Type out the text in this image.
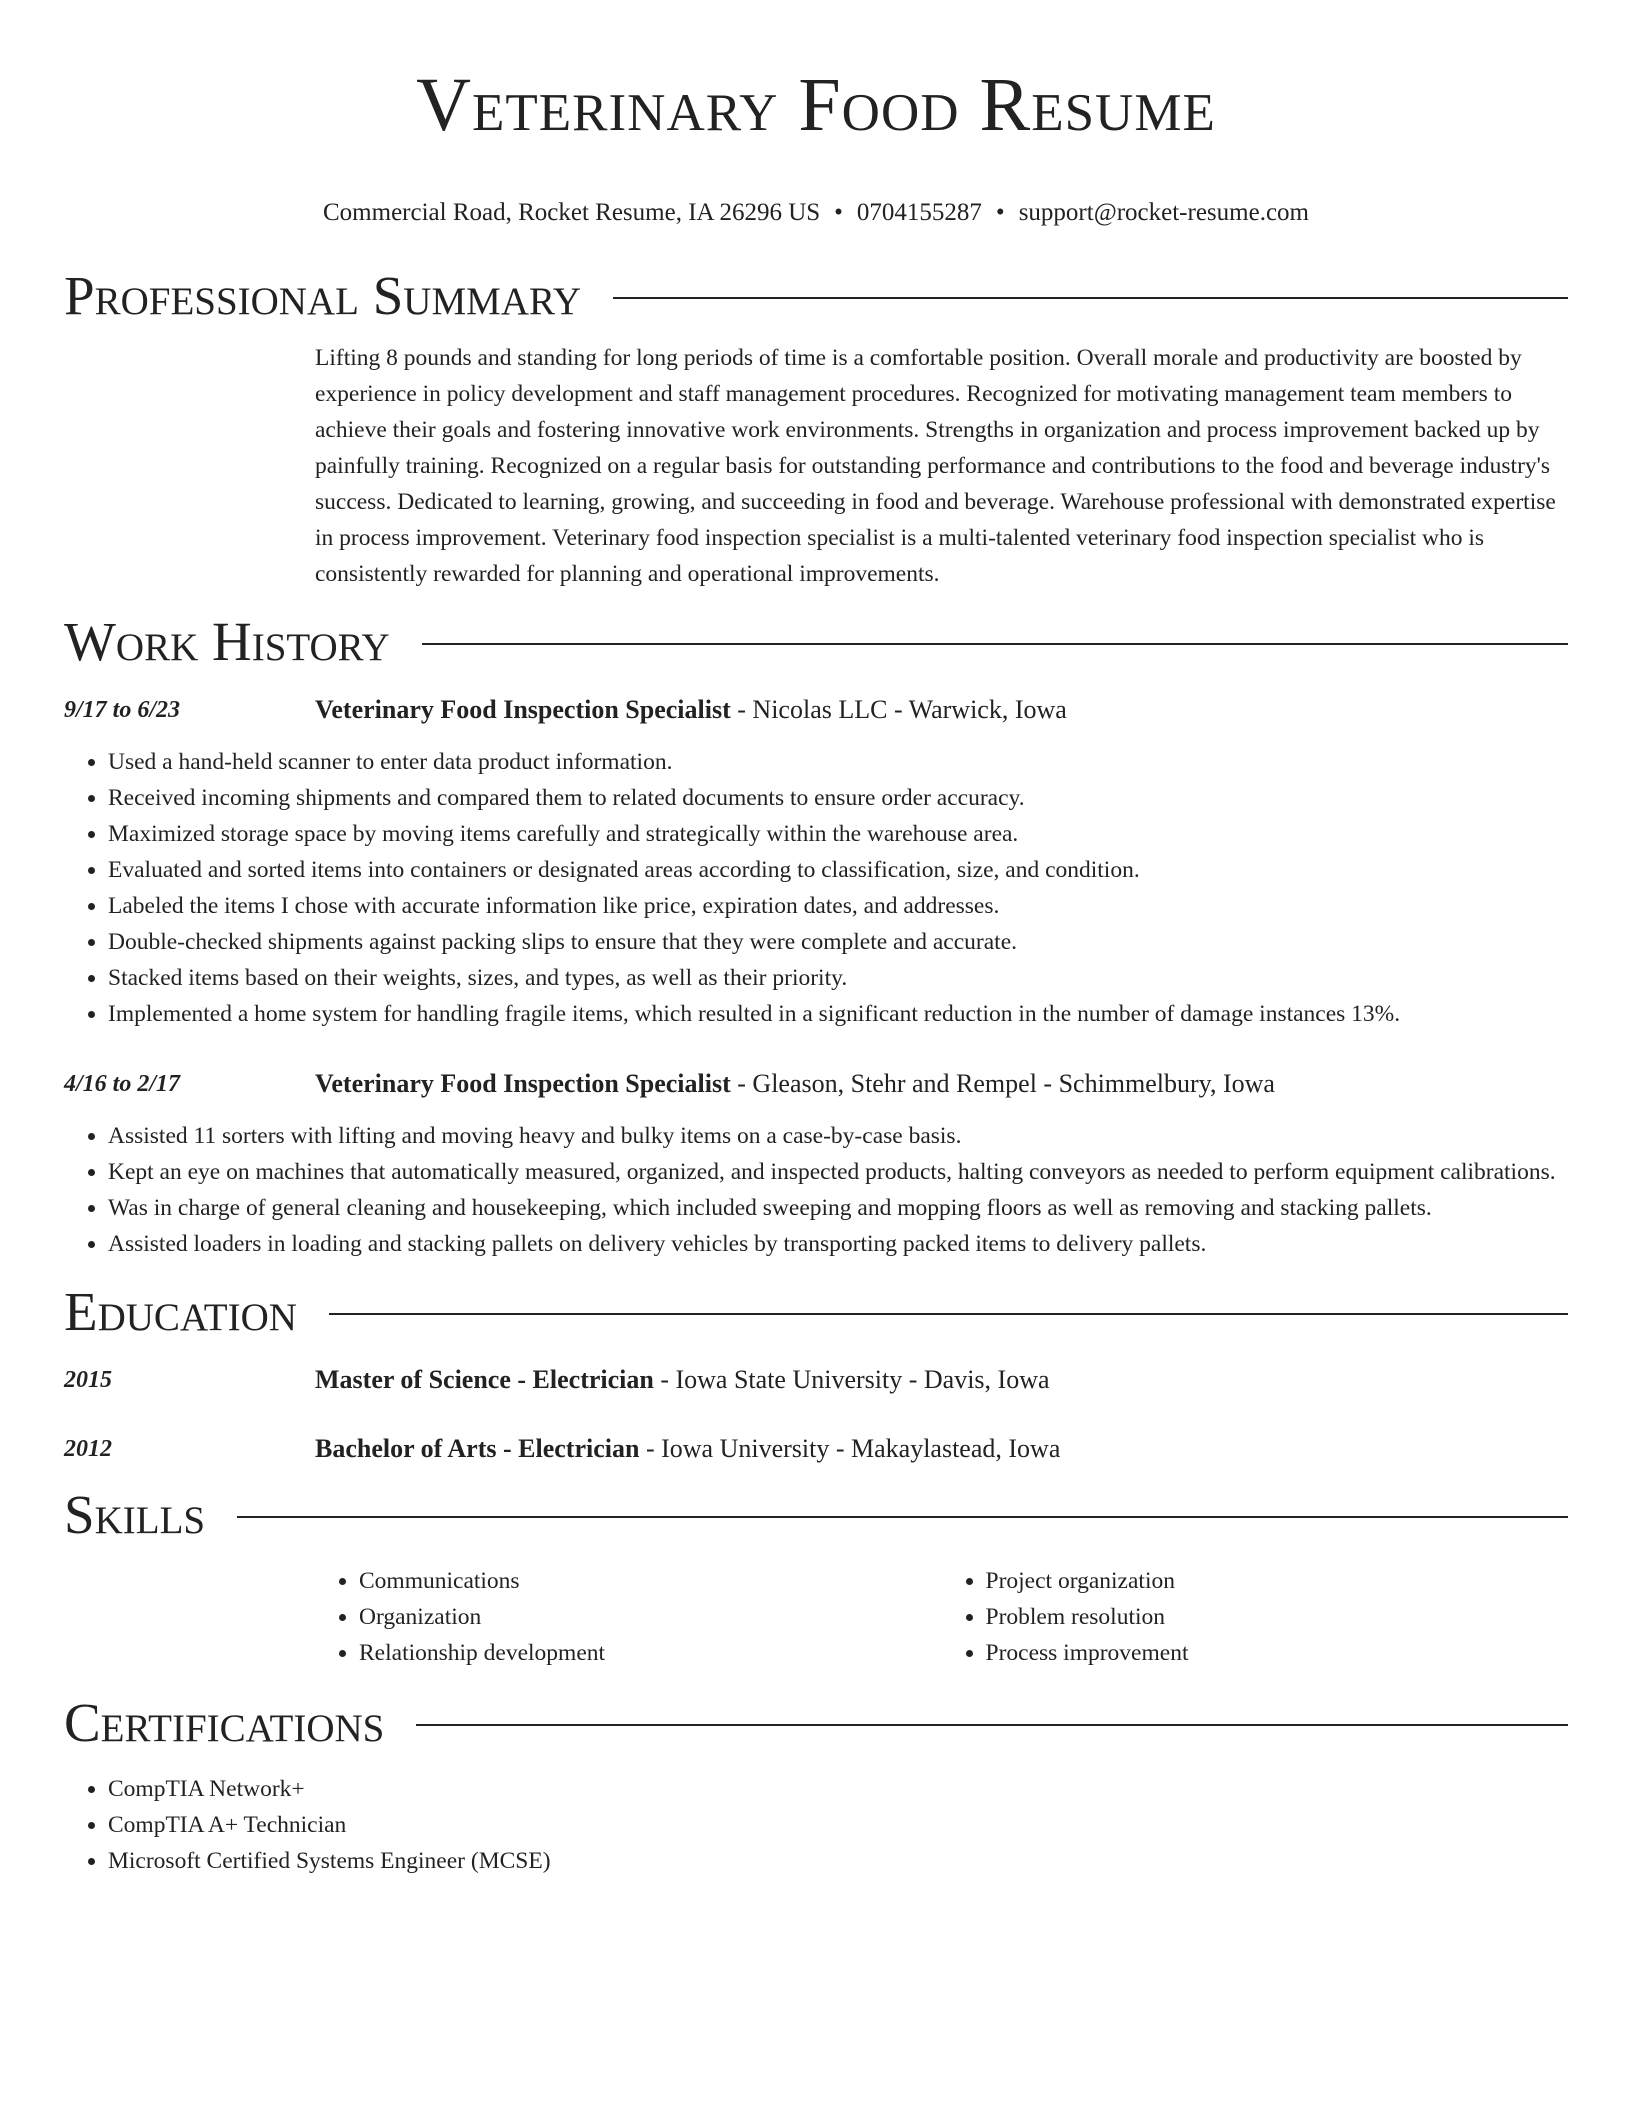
Veterinary Food Resume
Commercial Road, Rocket Resume, IA 26296 US • 0704155287 • support@rocket-resume.com
Professional Summary
Lifting 8 pounds and standing for long periods of time is a comfortable position. Overall morale and productivity are boosted by experience in policy development and staff management procedures. Recognized for motivating management team members to achieve their goals and fostering innovative work environments. Strengths in organization and process improvement backed up by painfully training. Recognized on a regular basis for outstanding performance and contributions to the food and beverage industry's success. Dedicated to learning, growing, and succeeding in food and beverage. Warehouse professional with demonstrated expertise in process improvement. Veterinary food inspection specialist is a multi-talented veterinary food inspection specialist who is consistently rewarded for planning and operational improvements.
Work History
9/17 to 6/23	Veterinary Food Inspection Specialist - Nicolas LLC - Warwick, Iowa
• Used a hand-held scanner to enter data product information.
• Received incoming shipments and compared them to related documents to ensure order accuracy.
• Maximized storage space by moving items carefully and strategically within the warehouse area.
• Evaluated and sorted items into containers or designated areas according to classification, size, and condition.
• Labeled the items I chose with accurate information like price, expiration dates, and addresses.
• Double-checked shipments against packing slips to ensure that they were complete and accurate.
• Stacked items based on their weights, sizes, and types, as well as their priority.
• Implemented a home system for handling fragile items, which resulted in a significant reduction in the number of damage instances 13%.
4/16 to 2/17	Veterinary Food Inspection Specialist - Gleason, Stehr and Rempel - Schimmelbury, Iowa
• Assisted 11 sorters with lifting and moving heavy and bulky items on a case-by-case basis.
• Kept an eye on machines that automatically measured, organized, and inspected products, halting conveyors as needed to perform equipment calibrations.
• Was in charge of general cleaning and housekeeping, which included sweeping and mopping floors as well as removing and stacking pallets.
• Assisted loaders in loading and stacking pallets on delivery vehicles by transporting packed items to delivery pallets.
Education
2015	Master of Science - Electrician - Iowa State University - Davis, Iowa
2012	Bachelor of Arts - Electrician - Iowa University - Makaylastead, Iowa
Skills
• Communications
• Organization
• Relationship development
• Project organization
• Problem resolution
• Process improvement
Certifications
• CompTIA Network+
• CompTIA A+ Technician
• Microsoft Certified Systems Engineer (MCSE)
